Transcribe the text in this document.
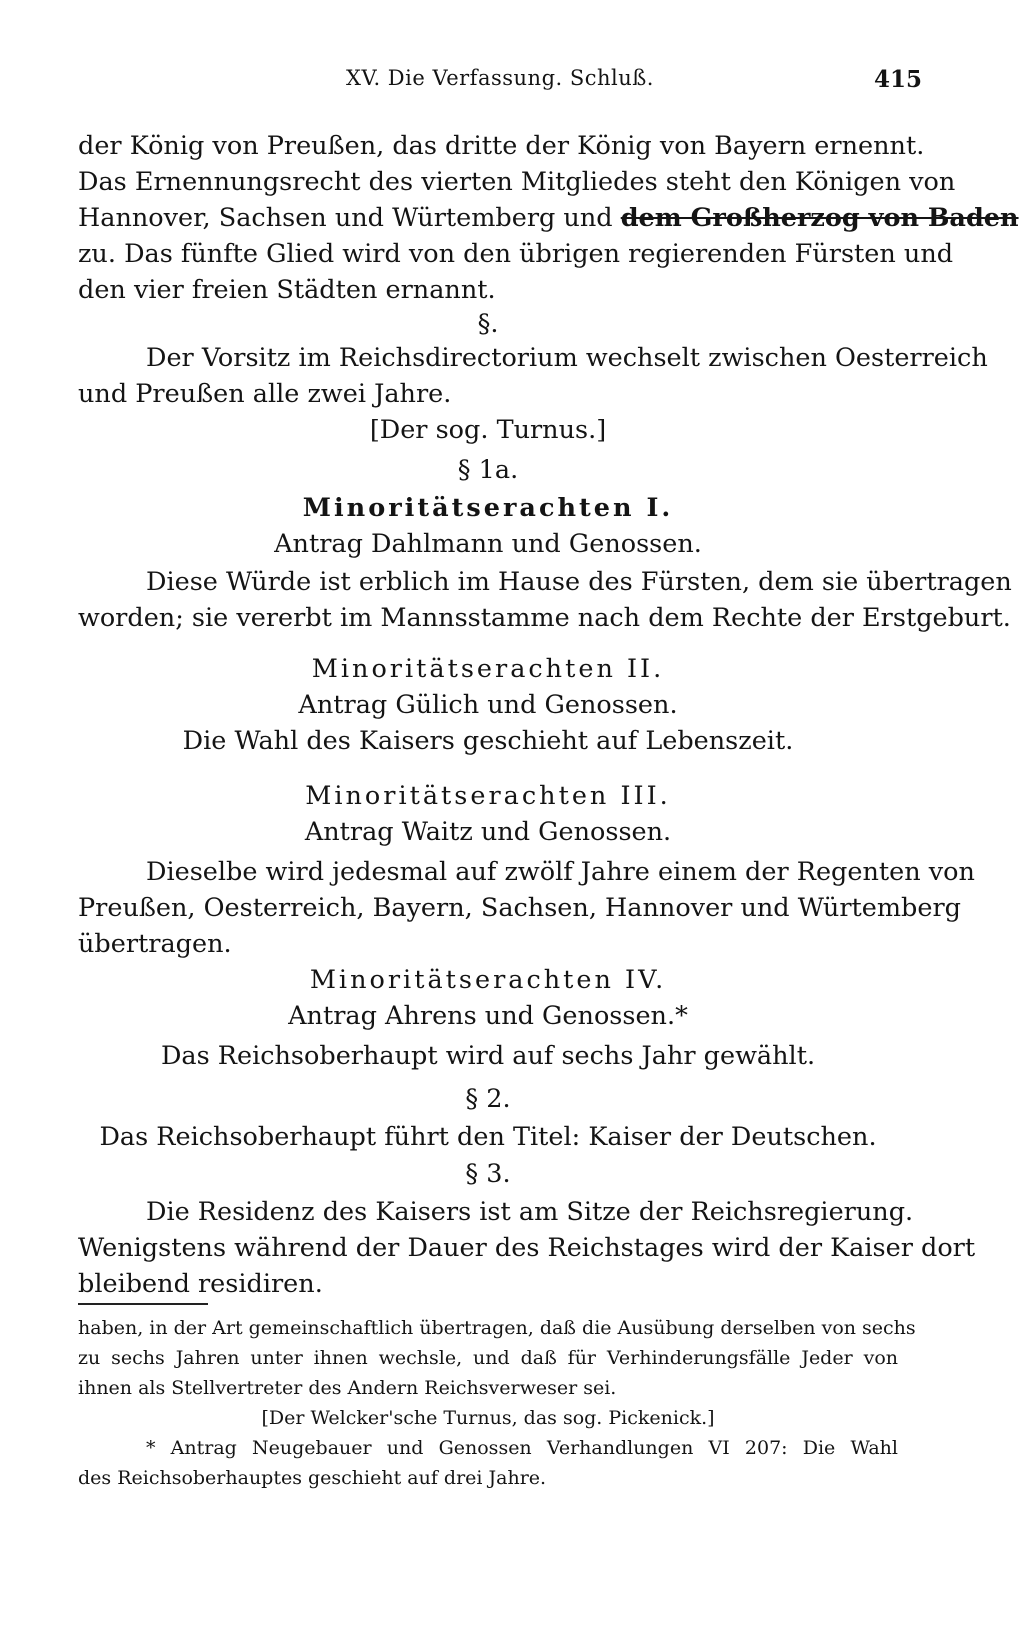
XV. Die Verfassung. Schluß.	415
der König von Preußen, das dritte der König von Bayern ernennt.
Das Ernennungsrecht des vierten Mitgliedes steht den Königen von
Hannover, Sachsen und Würtemberg und dem Großherzog von Baden
zu. Das fünfte Glied wird von den übrigen regierenden Fürsten und
den vier freien Städten ernannt.
§.
Der Vorsitz im Reichsdirectorium wechselt zwischen Oesterreich
und Preußen alle zwei Jahre.
[Der sog. Turnus.]
§ 1a.
Minoritätserachten I.
Antrag Dahlmann und Genossen.
Diese Würde ist erblich im Hause des Fürsten, dem sie übertragen
worden; sie vererbt im Mannsstamme nach dem Rechte der Erstgeburt.
Minoritätserachten II.
Antrag Gülich und Genossen.
Die Wahl des Kaisers geschieht auf Lebenszeit.
Minoritätserachten III.
Antrag Waitz und Genossen.
Dieselbe wird jedesmal auf zwölf Jahre einem der Regenten von
Preußen, Oesterreich, Bayern, Sachsen, Hannover und Würtemberg
übertragen.
Minoritätserachten IV.
Antrag Ahrens und Genossen.*
Das Reichsoberhaupt wird auf sechs Jahr gewählt.
§ 2.
Das Reichsoberhaupt führt den Titel: Kaiser der Deutschen.
§ 3.
Die Residenz des Kaisers ist am Sitze der Reichsregierung.
Wenigstens während der Dauer des Reichstages wird der Kaiser dort
bleibend residiren.
haben, in der Art gemeinschaftlich übertragen, daß die Ausübung derselben von sechs
zu sechs Jahren unter ihnen wechsle, und daß für Verhinderungsfälle Jeder von
ihnen als Stellvertreter des Andern Reichsverweser sei.
[Der Welcker'sche Turnus, das sog. Pickenick.]
* Antrag Neugebauer und Genossen Verhandlungen VI 207: Die Wahl
des Reichsoberhauptes geschieht auf drei Jahre.
